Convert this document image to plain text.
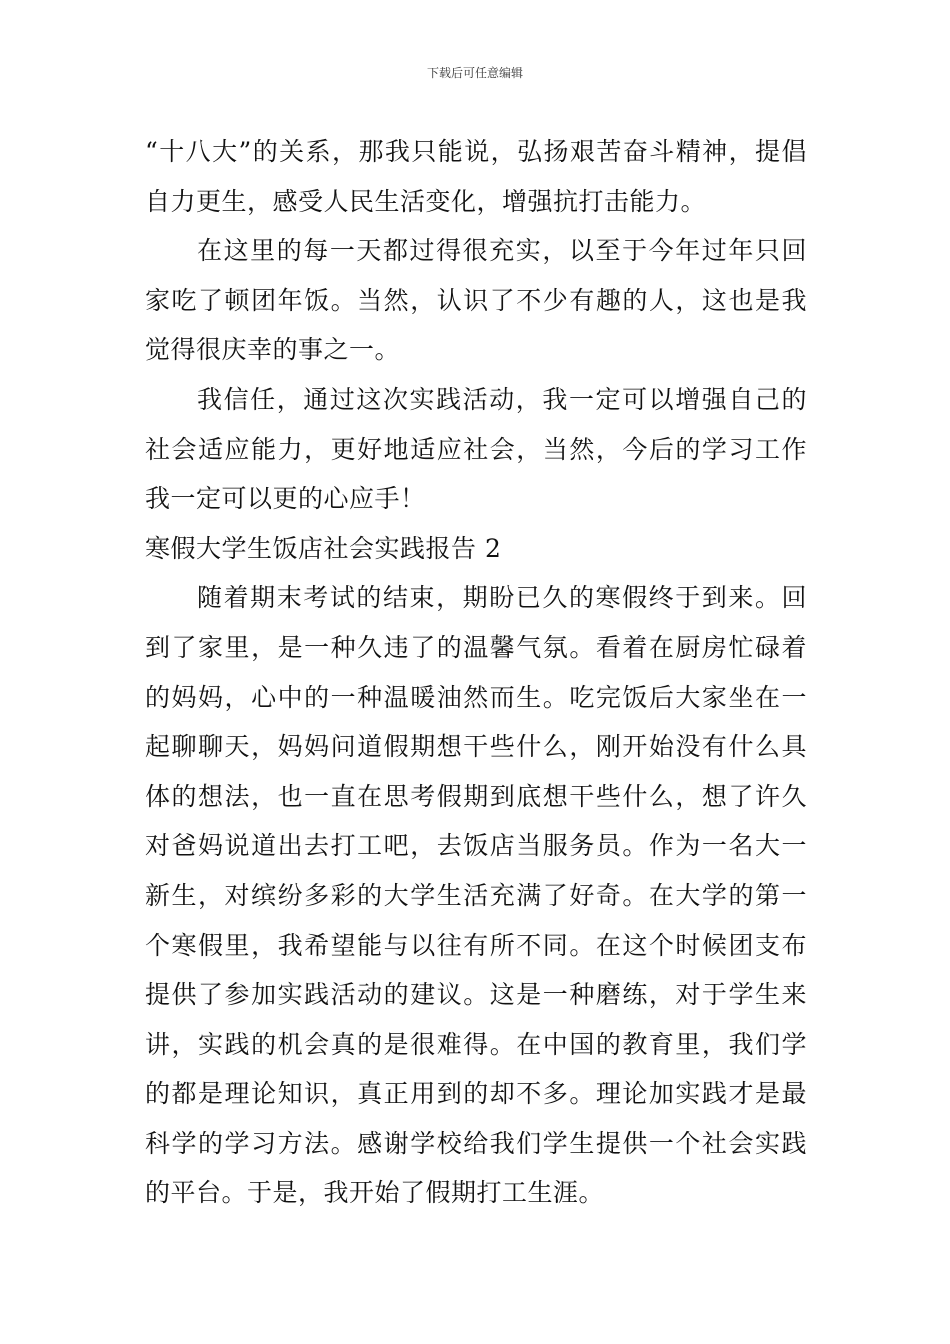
下载后可任意编辑

“十八大”的关系，那我只能说，弘扬艰苦奋斗精神，提倡自力更生，感受人民生活变化，增强抗打击能力。

在这里的每一天都过得很充实，以至于今年过年只回家吃了顿团年饭。当然，认识了不少有趣的人，这也是我觉得很庆幸的事之一。

我信任，通过这次实践活动，我一定可以增强自己的社会适应能力，更好地适应社会，当然，今后的学习工作我一定可以更的心应手！

寒假大学生饭店社会实践报告 2

随着期末考试的结束，期盼已久的寒假终于到来。回到了家里，是一种久违了的温馨气氛。看着在厨房忙碌着的妈妈，心中的一种温暖油然而生。吃完饭后大家坐在一起聊聊天，妈妈问道假期想干些什么，刚开始没有什么具体的想法，也一直在思考假期到底想干些什么，想了许久对爸妈说道出去打工吧，去饭店当服务员。作为一名大一新生，对缤纷多彩的大学生活充满了好奇。在大学的第一个寒假里，我希望能与以往有所不同。在这个时候团支布提供了参加实践活动的建议。这是一种磨练，对于学生来讲，实践的机会真的是很难得。在中国的教育里，我们学的都是理论知识，真正用到的却不多。理论加实践才是最科学的学习方法。感谢学校给我们学生提供一个社会实践的平台。于是，我开始了假期打工生涯。
